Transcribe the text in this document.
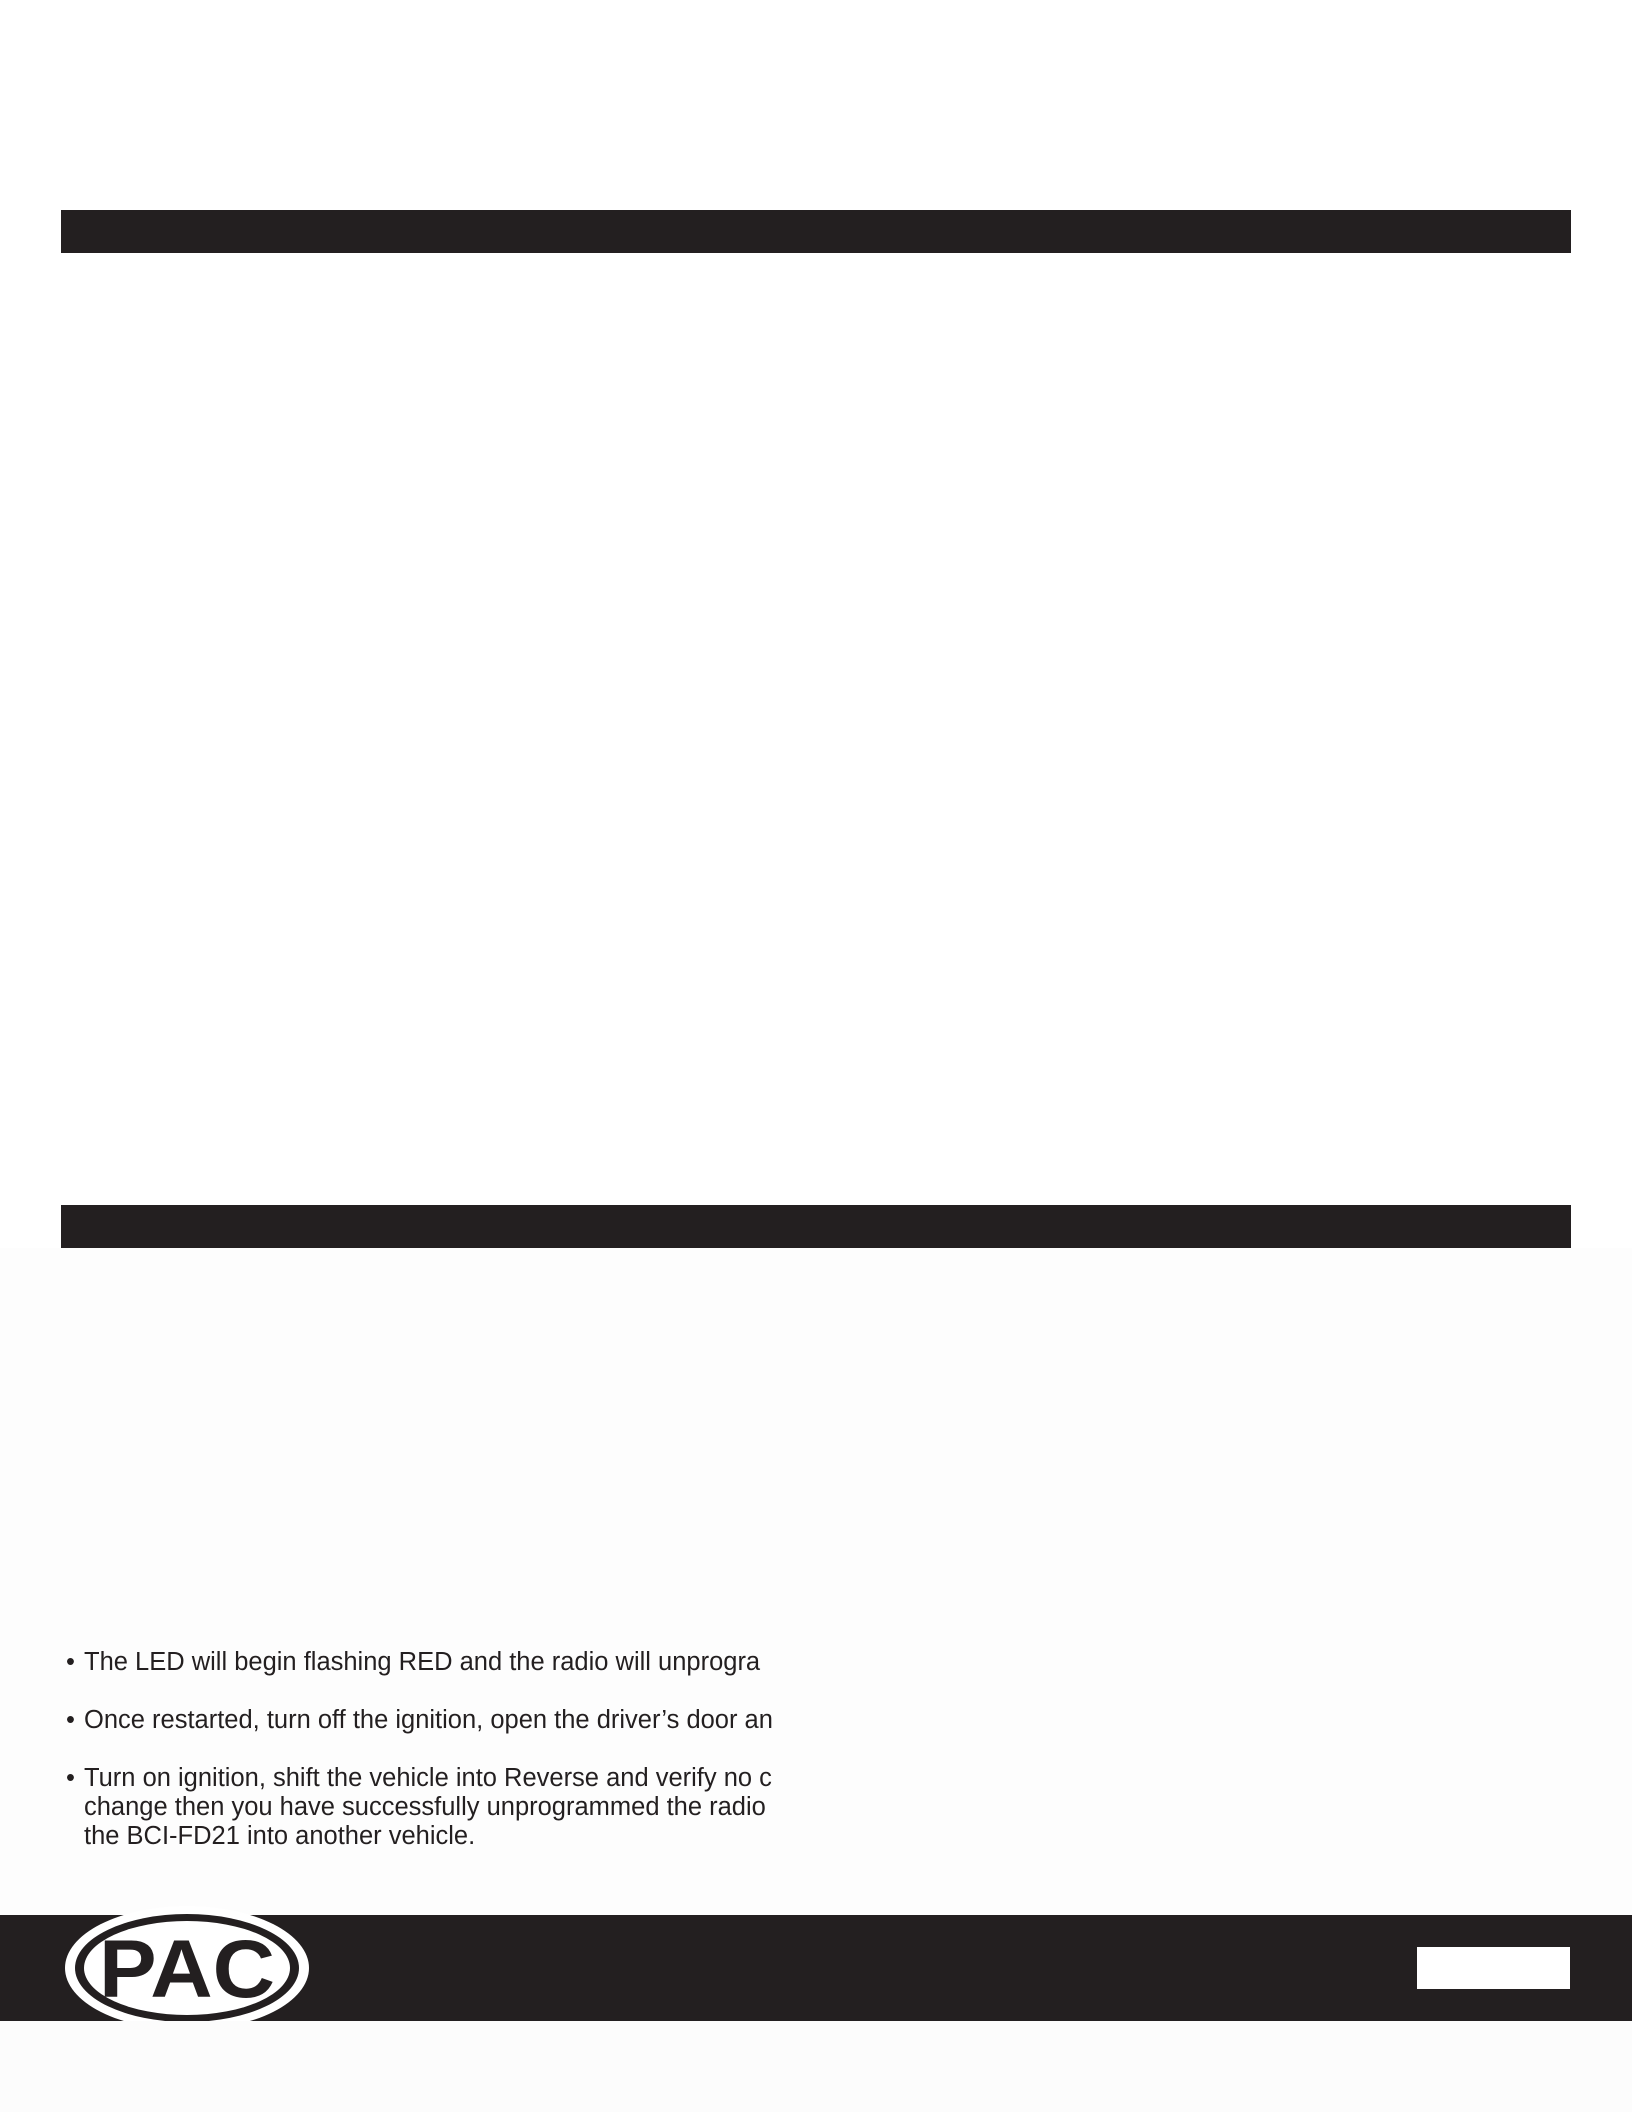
• The LED will begin flashing RED and the radio will unprogra
• Once restarted, turn off the ignition, open the driver’s door an
• Turn on ignition, shift the vehicle into Reverse and verify no c
change then you have successfully unprogrammed the radio
the BCI-FD21 into another vehicle.
PAC
